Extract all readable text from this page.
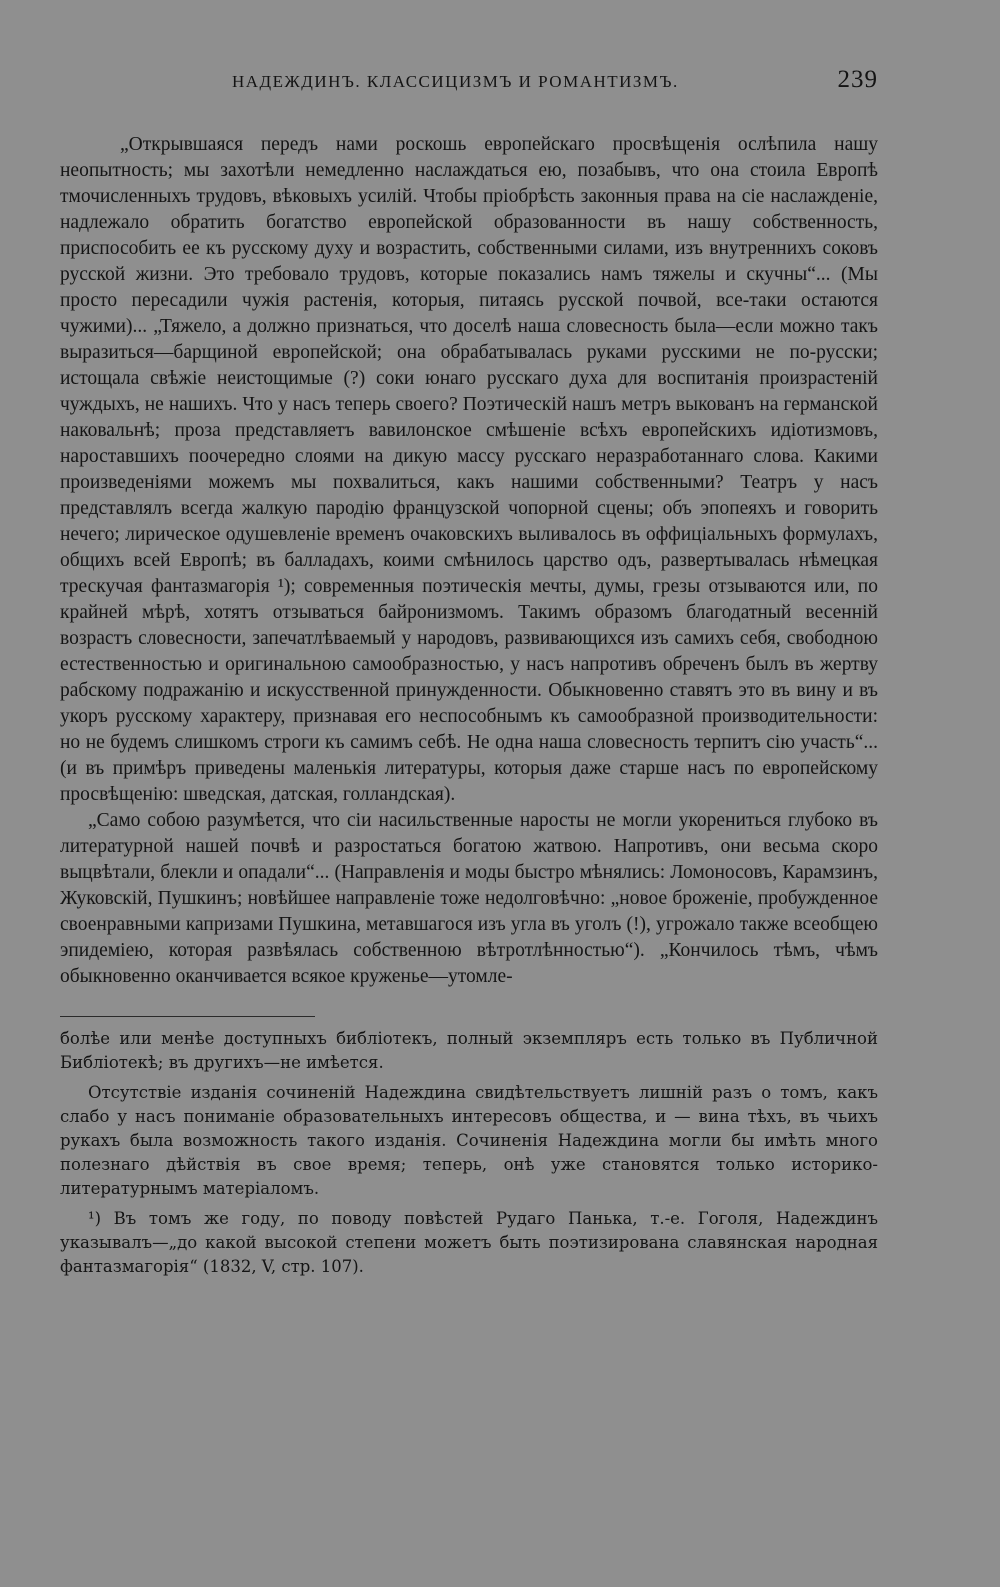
НАДЕЖДИНЪ. КЛАССИЦИЗМЪ И РОМАНТИЗМЪ.	239

„Открывшаяся передъ нами роскошь европейскаго просвѣщенія ослѣпила нашу неопытность; мы захотѣли немедленно наслаждаться ею, позабывъ, что она стоила Европѣ тмочисленныхъ трудовъ, вѣковыхъ усилій. Чтобы пріобрѣсть законныя права на сіе наслажденіе, надлежало обратить богатство европейской образованности въ нашу собственность, приспособить ее къ русскому духу и возрастить, собственными силами, изъ внутреннихъ соковъ русской жизни. Это требовало трудовъ, которые показались намъ тяжелы и скучны“... (Мы просто пересадили чужія растенія, которыя, питаясь русской почвой, все-таки остаются чужими)... „Тяжело, а должно признаться, что доселѣ наша словесность была—если можно такъ выразиться—барщиной европейской; она обрабатывалась руками русскими не по-русски; истощала свѣжіе неистощимые (?) соки юнаго русскаго духа для воспитанія произрастеній чуждыхъ, не нашихъ. Что у насъ теперь своего? Поэтическій нашъ метръ выкованъ на германской наковальнѣ; проза представляетъ вавилонское смѣшеніе всѣхъ европейскихъ идіотизмовъ, нароставшихъ поочередно слоями на дикую массу русскаго неразработаннаго слова. Какими произведеніями можемъ мы похвалиться, какъ нашими собственными? Театръ у насъ представлялъ всегда жалкую пародію французской чопорной сцены; объ эпопеяхъ и говорить нечего; лирическое одушевленіе временъ очаковскихъ выливалось въ оффиціальныхъ формулахъ, общихъ всей Европѣ; въ балладахъ, коими смѣнилось царство одъ, развертывалась нѣмецкая трескучая фантазмагорія ¹); современныя поэтическія мечты, думы, грезы отзываются или, по крайней мѣрѣ, хотятъ отзываться байронизмомъ. Такимъ образомъ благодатный весенній возрастъ словесности, запечатлѣваемый у народовъ, развивающихся изъ самихъ себя, свободною естественностью и оригинальною самообразностью, у насъ напротивъ обреченъ былъ въ жертву рабскому подражанію и искусственной принужденности. Обыкновенно ставятъ это въ вину и въ укоръ русскому характеру, признавая его неспособнымъ къ самообразной производительности: но не будемъ слишкомъ строги къ самимъ себѣ. Не одна наша словесность терпитъ сію участь“... (и въ примѣръ приведены маленькія литературы, которыя даже старше насъ по европейскому просвѣщенію: шведская, датская, голландская).

„Само собою разумѣется, что сіи насильственные наросты не могли укорениться глубоко въ литературной нашей почвѣ и разростаться богатою жатвою. Напротивъ, они весьма скоро выцвѣтали, блекли и опадали“... (Направленія и моды быстро мѣнялись: Ломоносовъ, Карамзинъ, Жуковскій, Пушкинъ; новѣйшее направленіе тоже недолговѣчно: „новое броженіе, пробужденное своенравными капризами Пушкина, метавшагося изъ угла въ уголъ (!), угрожало также всеобщею эпидеміею, которая развѣялась собственною вѣтротлѣнностью“). „Кончилось тѣмъ, чѣмъ обыкновенно оканчивается всякое круженье—утомле-

болѣе или менѣе доступныхъ библіотекъ, полный экземпляръ есть только въ Публичной Библіотекѣ; въ другихъ—не имѣется.

Отсутствіе изданія сочиненій Надеждина свидѣтельствуетъ лишній разъ о томъ, какъ слабо у насъ пониманіе образовательныхъ интересовъ общества, и — вина тѣхъ, въ чьихъ рукахъ была возможность такого изданія. Сочиненія Надеждина могли бы имѣть много полезнаго дѣйствія въ свое время; теперь, онѣ уже становятся только историко-литературнымъ матеріаломъ.

¹) Въ томъ же году, по поводу повѣстей Рудаго Панька, т.-е. Гоголя, Надеждинъ указывалъ—„до какой высокой степени можетъ быть поэтизирована славянская народная фантазмагорія“ (1832, V, стр. 107).
